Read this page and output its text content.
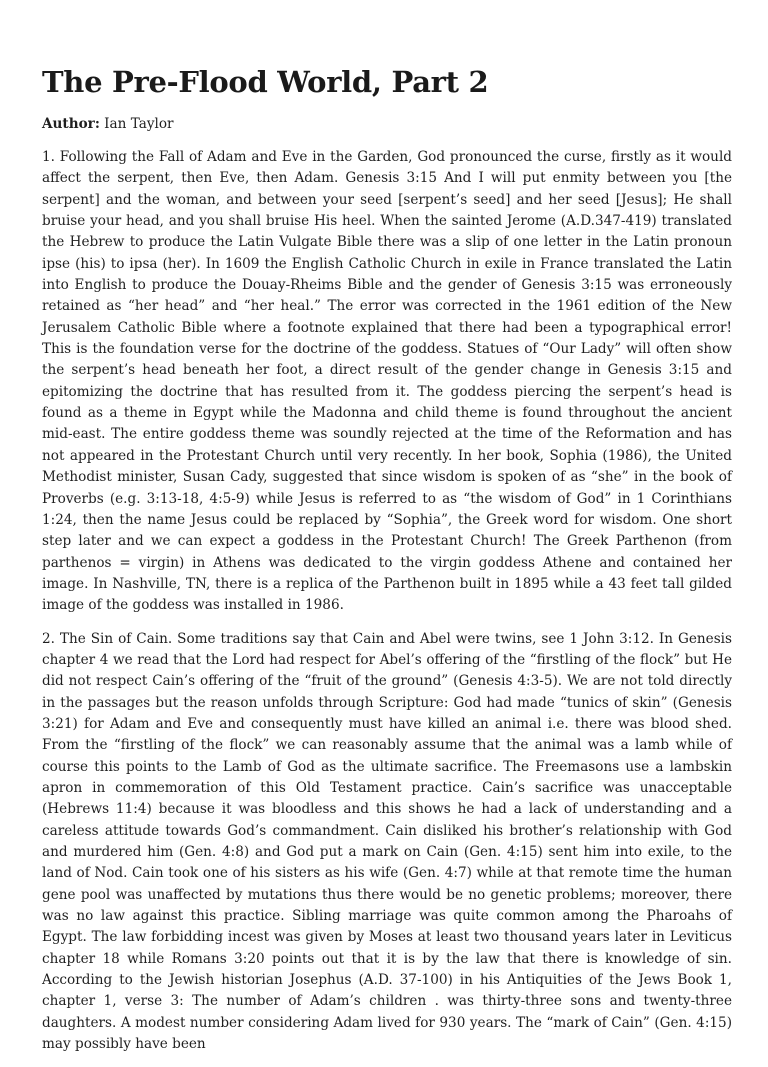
The Pre-Flood World, Part 2
Author: Ian Taylor

1. Following the Fall of Adam and Eve in the Garden, God pronounced the curse, firstly as it would affect the serpent, then Eve, then Adam. Genesis 3:15 And I will put enmity between you [the serpent] and the woman, and between your seed [serpent’s seed] and her seed [Jesus]; He shall bruise your head, and you shall bruise His heel. When the sainted Jerome (A.D.347-419) translated the Hebrew to produce the Latin Vulgate Bible there was a slip of one letter in the Latin pronoun ipse (his) to ipsa (her). In 1609 the English Catholic Church in exile in France translated the Latin into English to produce the Douay-Rheims Bible and the gender of Genesis 3:15 was erroneously retained as “her head” and “her heal.” The error was corrected in the 1961 edition of the New Jerusalem Catholic Bible where a footnote explained that there had been a typographical error! This is the foundation verse for the doctrine of the goddess. Statues of “Our Lady” will often show the serpent’s head beneath her foot, a direct result of the gender change in Genesis 3:15 and epitomizing the doctrine that has resulted from it. The goddess piercing the serpent’s head is found as a theme in Egypt while the Madonna and child theme is found throughout the ancient mid-east. The entire goddess theme was soundly rejected at the time of the Reformation and has not appeared in the Protestant Church until very recently. In her book, Sophia (1986), the United Methodist minister, Susan Cady, suggested that since wisdom is spoken of as “she” in the book of Proverbs (e.g. 3:13-18, 4:5-9) while Jesus is referred to as “the wisdom of God” in 1 Corinthians 1:24, then the name Jesus could be replaced by “Sophia”, the Greek word for wisdom. One short step later and we can expect a goddess in the Protestant Church! The Greek Parthenon (from parthenos = virgin) in Athens was dedicated to the virgin goddess Athene and contained her image. In Nashville, TN, there is a replica of the Parthenon built in 1895 while a 43 feet tall gilded image of the goddess was installed in 1986.

2. The Sin of Cain. Some traditions say that Cain and Abel were twins, see 1 John 3:12. In Genesis chapter 4 we read that the Lord had respect for Abel’s offering of the “firstling of the flock” but He did not respect Cain’s offering of the “fruit of the ground” (Genesis 4:3-5). We are not told directly in the passages but the reason unfolds through Scripture: God had made “tunics of skin” (Genesis 3:21) for Adam and Eve and consequently must have killed an animal i.e. there was blood shed. From the “firstling of the flock” we can reasonably assume that the animal was a lamb while of course this points to the Lamb of God as the ultimate sacrifice. The Freemasons use a lambskin apron in commemoration of this Old Testament practice. Cain’s sacrifice was unacceptable (Hebrews 11:4) because it was bloodless and this shows he had a lack of understanding and a careless attitude towards God’s commandment. Cain disliked his brother’s relationship with God and murdered him (Gen. 4:8) and God put a mark on Cain (Gen. 4:15) sent him into exile, to the land of Nod. Cain took one of his sisters as his wife (Gen. 4:7) while at that remote time the human gene pool was unaffected by mutations thus there would be no genetic problems; moreover, there was no law against this practice. Sibling marriage was quite common among the Pharoahs of Egypt. The law forbidding incest was given by Moses at least two thousand years later in Leviticus chapter 18 while Romans 3:20 points out that it is by the law that there is knowledge of sin. According to the Jewish historian Josephus (A.D. 37-100) in his Antiquities of the Jews Book 1, chapter 1, verse 3: The number of Adam’s children . was thirty-three sons and twenty-three daughters. A modest number considering Adam lived for 930 years. The “mark of Cain” (Gen. 4:15) may possibly have been
